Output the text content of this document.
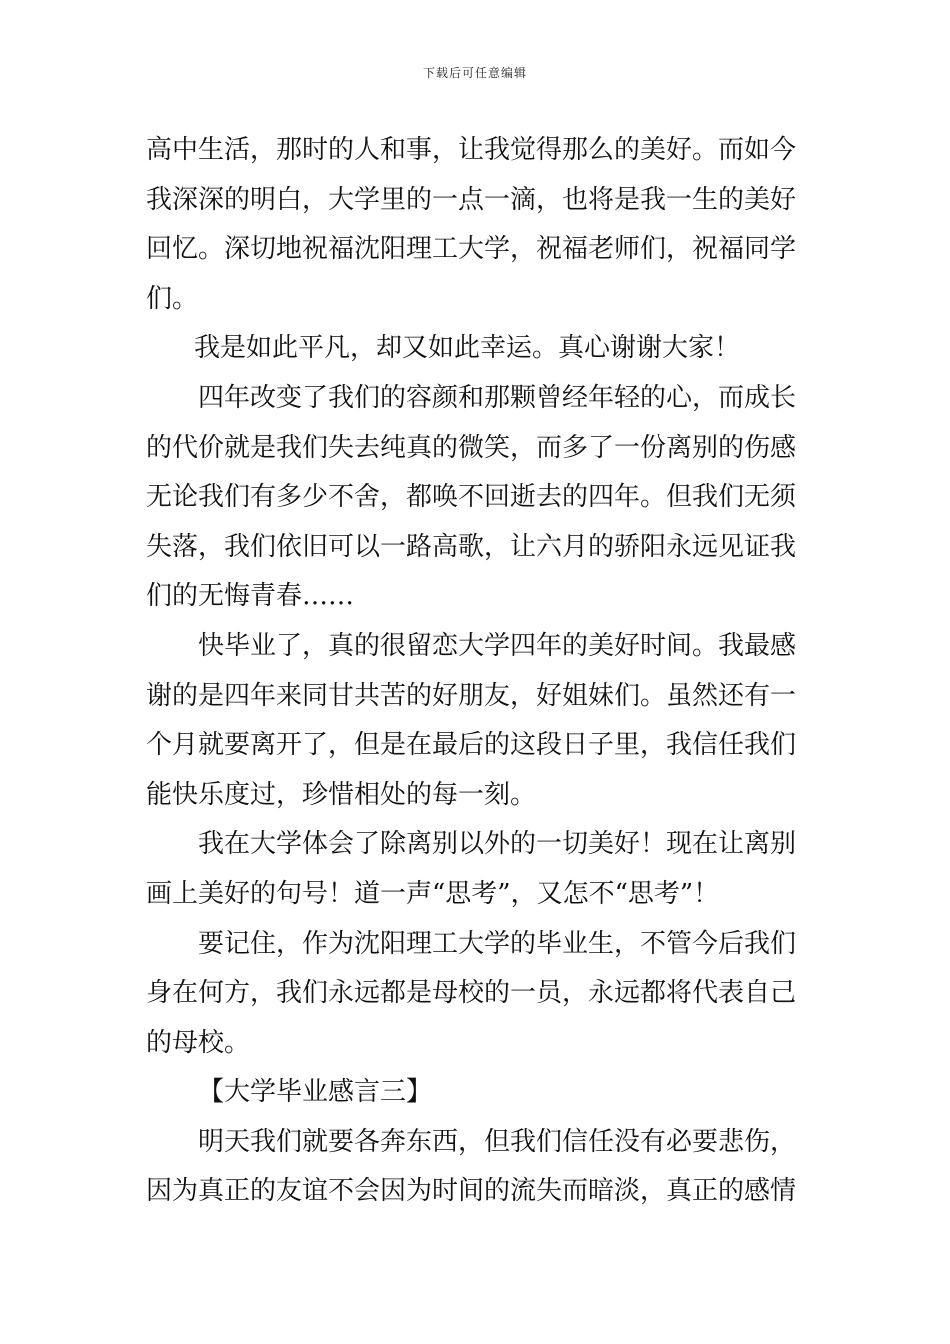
下载后可任意编辑
高中生活，那时的人和事，让我觉得那么的美好。而如今
我深深的明白，大学里的一点一滴，也将是我一生的美好
回忆。深切地祝福沈阳理工大学，祝福老师们，祝福同学
们。
我是如此平凡，却又如此幸运。真心谢谢大家！
四年改变了我们的容颜和那颗曾经年轻的心，而成长
的代价就是我们失去纯真的微笑，而多了一份离别的伤感
无论我们有多少不舍，都唤不回逝去的四年。但我们无须
失落，我们依旧可以一路高歌，让六月的骄阳永远见证我
们的无悔青春……
快毕业了，真的很留恋大学四年的美好时间。我最感
谢的是四年来同甘共苦的好朋友，好姐妹们。虽然还有一
个月就要离开了，但是在最后的这段日子里，我信任我们
能快乐度过，珍惜相处的每一刻。
我在大学体会了除离别以外的一切美好！现在让离别
画上美好的句号！道一声“思考”，又怎不“思考”！
要记住，作为沈阳理工大学的毕业生，不管今后我们
身在何方，我们永远都是母校的一员，永远都将代表自己
的母校。
【大学毕业感言三】
明天我们就要各奔东西，但我们信任没有必要悲伤，
因为真正的友谊不会因为时间的流失而暗淡，真正的感情
